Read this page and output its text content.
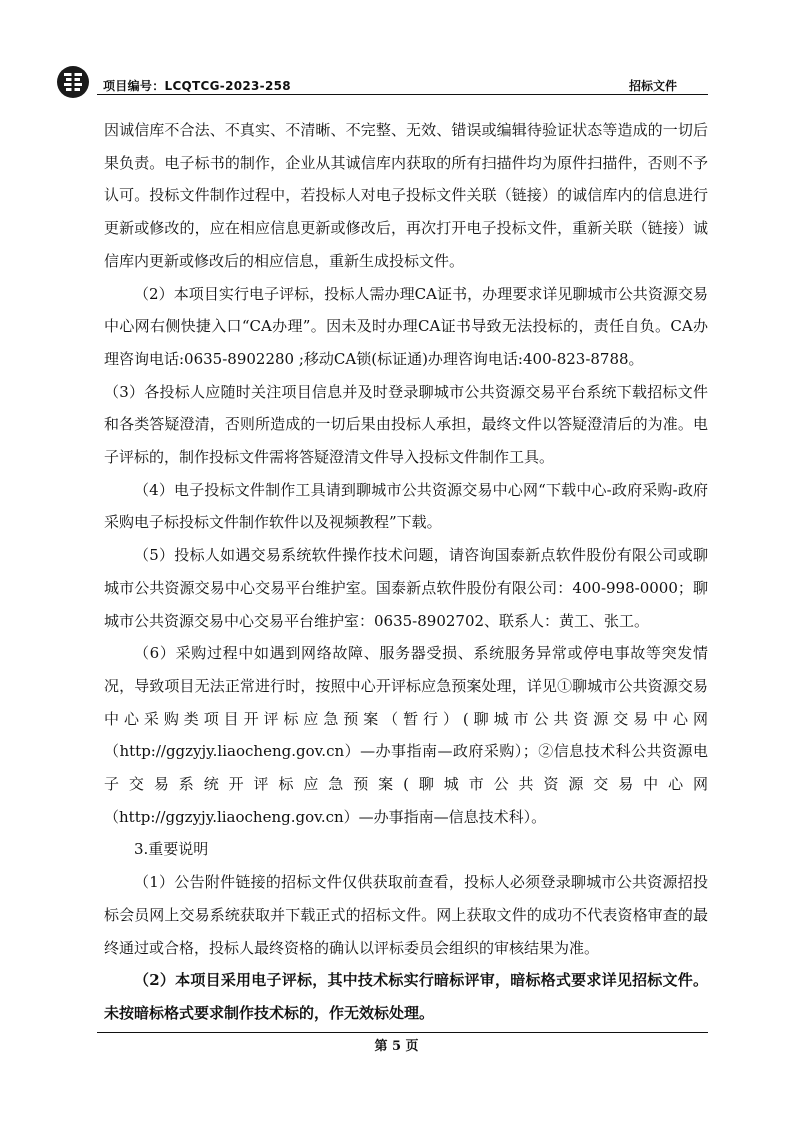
项目编号：LCQTCG-2023-258	招标文件

因诚信库不合法、不真实、不清晰、不完整、无效、错误或编辑待验证状态等造成的一切后果负责。电子标书的制作，企业从其诚信库内获取的所有扫描件均为原件扫描件，否则不予认可。投标文件制作过程中，若投标人对电子投标文件关联（链接）的诚信库内的信息进行更新或修改的，应在相应信息更新或修改后，再次打开电子投标文件，重新关联（链接）诚信库内更新或修改后的相应信息，重新生成投标文件。

（2）本项目实行电子评标，投标人需办理CA证书，办理要求详见聊城市公共资源交易中心网右侧快捷入口“CA办理”。因未及时办理CA证书导致无法投标的，责任自负。CA办理咨询电话:0635-8902280 ;移动CA锁(标证通)办理咨询电话:400-823-8788。

（3）各投标人应随时关注项目信息并及时登录聊城市公共资源交易平台系统下载招标文件和各类答疑澄清，否则所造成的一切后果由投标人承担，最终文件以答疑澄清后的为准。电子评标的，制作投标文件需将答疑澄清文件导入投标文件制作工具。

（4）电子投标文件制作工具请到聊城市公共资源交易中心网“下载中心-政府采购-政府采购电子标投标文件制作软件以及视频教程”下载。

（5）投标人如遇交易系统软件操作技术问题，请咨询国泰新点软件股份有限公司或聊城市公共资源交易中心交易平台维护室。国泰新点软件股份有限公司：400-998-0000；聊城市公共资源交易中心交易平台维护室：0635-8902702、联系人：黄工、张工。

（6）采购过程中如遇到网络故障、服务器受损、系统服务异常或停电事故等突发情况，导致项目无法正常进行时，按照中心开评标应急预案处理，详见①聊城市公共资源交易中心采购类项目开评标应急预案（暂行）(聊城市公共资源交易中心网（http://ggzyjy.liaocheng.gov.cn）—办事指南—政府采购）；②信息技术科公共资源电子交易系统开评标应急预案(聊城市公共资源交易中心网（http://ggzyjy.liaocheng.gov.cn）—办事指南—信息技术科）。

3.重要说明

（1）公告附件链接的招标文件仅供获取前查看，投标人必须登录聊城市公共资源招投标会员网上交易系统获取并下载正式的招标文件。网上获取文件的成功不代表资格审查的最终通过或合格，投标人最终资格的确认以评标委员会组织的审核结果为准。

（2）本项目采用电子评标，其中技术标实行暗标评审，暗标格式要求详见招标文件。未按暗标格式要求制作技术标的，作无效标处理。

第 5 页
